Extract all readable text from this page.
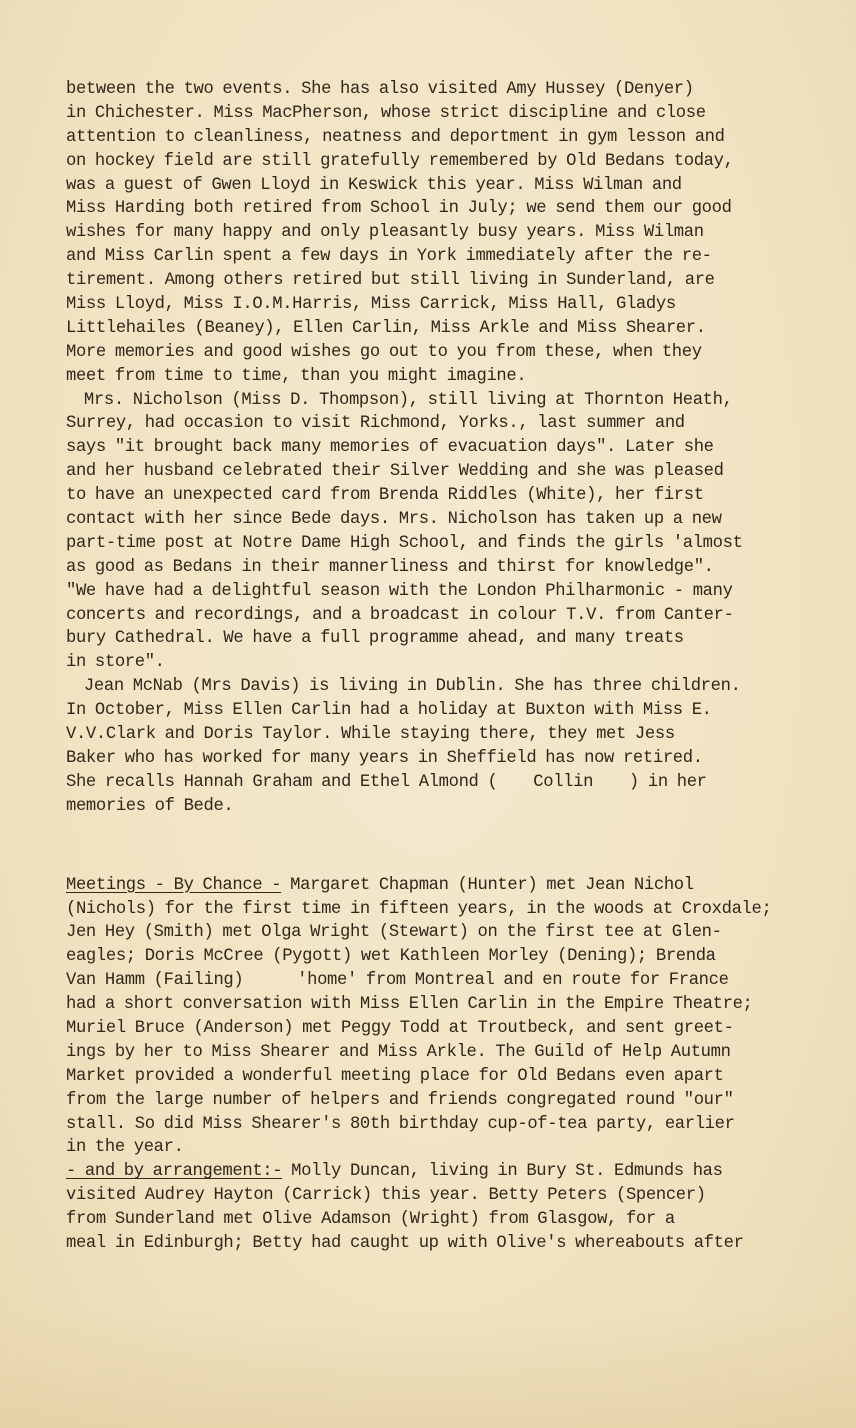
between the two events. She has also visited Amy Hussey (Denyer)
in Chichester. Miss MacPherson, whose strict discipline and close
attention to cleanliness, neatness and deportment in gym lesson and
on hockey field are still gratefully remembered by Old Bedans today,
was a guest of Gwen Lloyd in Keswick this year. Miss Wilman and
Miss Harding both retired from School in July; we send them our good
wishes for many happy and only pleasantly busy years. Miss Wilman
and Miss Carlin spent a few days in York immediately after the re-
tirement. Among others retired but still living in Sunderland, are
Miss Lloyd, Miss I.O.M.Harris, Miss Carrick, Miss Hall, Gladys
Littlehailes (Beaney), Ellen Carlin, Miss Arkle and Miss Shearer.
More memories and good wishes go out to you from these, when they
meet from time to time, than you might imagine.
Mrs. Nicholson (Miss D. Thompson), still living at Thornton Heath,
Surrey, had occasion to visit Richmond, Yorks., last summer and
says "it brought back many memories of evacuation days". Later she
and her husband celebrated their Silver Wedding and she was pleased
to have an unexpected card from Brenda Riddles (White), her first
contact with her since Bede days. Mrs. Nicholson has taken up a new
part-time post at Notre Dame High School, and finds the girls 'almost
as good as Bedans in their mannerliness and thirst for knowledge".
"We have had a delightful season with the London Philharmonic - many
concerts and recordings, and a broadcast in colour T.V. from Canter-
bury Cathedral. We have a full programme ahead, and many treats
in store".
Jean McNab (Mrs Davis) is living in Dublin. She has three children.
In October, Miss Ellen Carlin had a holiday at Buxton with Miss E.
V.V.Clark and Doris Taylor. While staying there, they met Jess
Baker who has worked for many years in Sheffield has now retired.
She recalls Hannah Graham and Ethel Almond (    Collin    ) in her
memories of Bede.
Meetings - By Chance - Margaret Chapman (Hunter) met Jean Nichol
(Nichols) for the first time in fifteen years, in the woods at Croxdale;
Jen Hey (Smith) met Olga Wright (Stewart) on the first tee at Glen-
eagles; Doris McCree (Pygott) wet Kathleen Morley (Dening); Brenda
Van Hamm (Failing)      'home' from Montreal and en route for France
had a short conversation with Miss Ellen Carlin in the Empire Theatre;
Muriel Bruce (Anderson) met Peggy Todd at Troutbeck, and sent greet-
ings by her to Miss Shearer and Miss Arkle. The Guild of Help Autumn
Market provided a wonderful meeting place for Old Bedans even apart
from the large number of helpers and friends congregated round "our"
stall. So did Miss Shearer's 80th birthday cup-of-tea party, earlier
in the year.
- and by arrangement:- Molly Duncan, living in Bury St. Edmunds has
visited Audrey Hayton (Carrick) this year. Betty Peters (Spencer)
from Sunderland met Olive Adamson (Wright) from Glasgow, for a
meal in Edinburgh; Betty had caught up with Olive's whereabouts after
